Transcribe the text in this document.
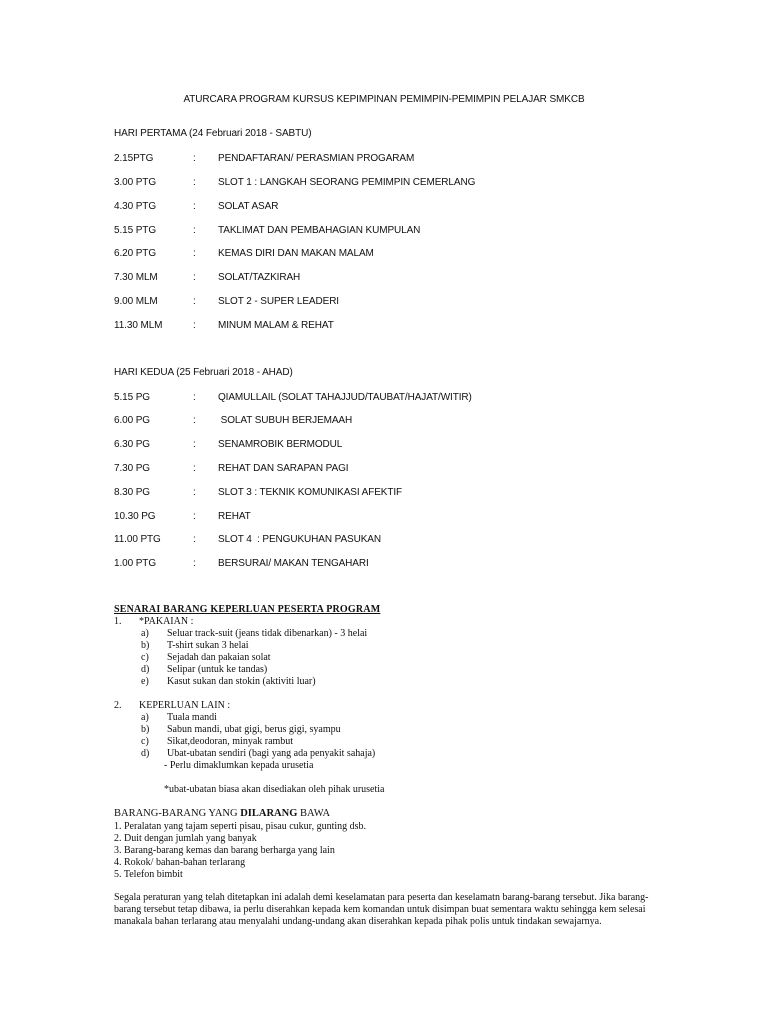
ATURCARA PROGRAM KURSUS KEPIMPINAN PEMIMPIN-PEMIMPIN PELAJAR SMKCB
HARI PERTAMA (24 Februari 2018 - SABTU)
2.15PTG	: PENDAFTARAN/ PERASMIAN PROGARAM
3.00 PTG	: SLOT 1 : LANGKAH SEORANG PEMIMPIN CEMERLANG
4.30 PTG	: SOLAT ASAR
5.15 PTG	: TAKLIMAT DAN PEMBAHAGIAN KUMPULAN
6.20 PTG	: KEMAS DIRI DAN MAKAN MALAM
7.30 MLM	: SOLAT/TAZKIRAH
9.00 MLM	: SLOT 2 - SUPER LEADERI
11.30 MLM	: MINUM MALAM & REHAT
HARI KEDUA (25 Februari 2018 - AHAD)
5.15 PG	: QIAMULLAIL (SOLAT TAHAJJUD/TAUBAT/HAJAT/WITIR)
6.00 PG	: SOLAT SUBUH BERJEMAAH
6.30 PG	: SENAMROBIK BERMODUL
7.30 PG	: REHAT DAN SARAPAN PAGI
8.30 PG	: SLOT 3 : TEKNIK KOMUNIKASI AFEKTIF
10.30 PG	: REHAT
11.00 PTG	: SLOT 4  : PENGUKUHAN PASUKAN
1.00 PTG	: BERSURAI/ MAKAN TENGAHARI
SENARAI BARANG KEPERLUAN PESERTA PROGRAM
1. *PAKAIAN :
a) Seluar track-suit (jeans tidak dibenarkan) - 3 helai
b) T-shirt sukan 3 helai
c) Sejadah dan pakaian solat
d) Selipar (untuk ke tandas)
e) Kasut sukan dan stokin (aktiviti luar)
2. KEPERLUAN LAIN :
a) Tuala mandi
b) Sabun mandi, ubat gigi, berus gigi, syampu
c) Sikat,deodoran, minyak rambut
d) Ubat-ubatan sendiri (bagi yang ada penyakit sahaja)
- Perlu dimaklumkan kepada urusetia
*ubat-ubatan biasa akan disediakan oleh pihak urusetia
BARANG-BARANG YANG DILARANG BAWA
1. Peralatan yang tajam seperti pisau, pisau cukur, gunting dsb.
2. Duit dengan jumlah yang banyak
3. Barang-barang kemas dan barang berharga yang lain
4. Rokok/ bahan-bahan terlarang
5. Telefon bimbit
Segala peraturan yang telah ditetapkan ini adalah demi keselamatan para peserta dan keselamatn barang-barang tersebut. Jika barang-barang tersebut tetap dibawa, ia perlu diserahkan kepada kem komandan untuk disimpan buat sementara waktu sehingga kem selesai manakala bahan terlarang atau menyalahi undang-undang akan diserahkan kepada pihak polis untuk tindakan sewajarnya.
